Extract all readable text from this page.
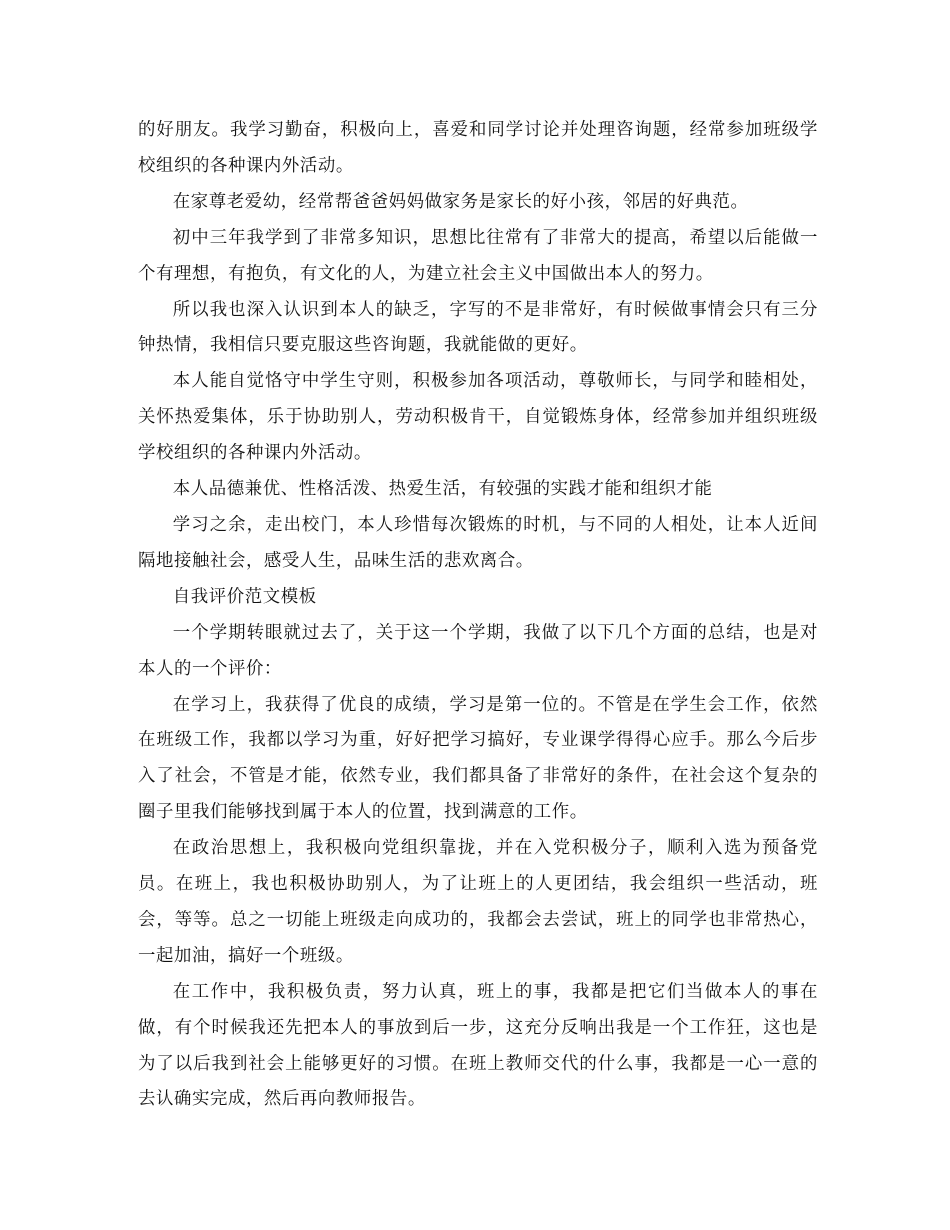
的好朋友。我学习勤奋，积极向上，喜爱和同学讨论并处理咨询题，经常参加班级学校组织的各种课内外活动。

在家尊老爱幼，经常帮爸爸妈妈做家务是家长的好小孩，邻居的好典范。

初中三年我学到了非常多知识，思想比往常有了非常大的提高，希望以后能做一个有理想，有抱负，有文化的人，为建立社会主义中国做出本人的努力。

所以我也深入认识到本人的缺乏，字写的不是非常好，有时候做事情会只有三分钟热情，我相信只要克服这些咨询题，我就能做的更好。

本人能自觉恪守中学生守则，积极参加各项活动，尊敬师长，与同学和睦相处，关怀热爱集体，乐于协助别人，劳动积极肯干，自觉锻炼身体，经常参加并组织班级学校组织的各种课内外活动。

本人品德兼优、性格活泼、热爱生活，有较强的实践才能和组织才能

学习之余，走出校门，本人珍惜每次锻炼的时机，与不同的人相处，让本人近间隔地接触社会，感受人生，品味生活的悲欢离合。

自我评价范文模板

一个学期转眼就过去了，关于这一个学期，我做了以下几个方面的总结，也是对本人的一个评价：

在学习上，我获得了优良的成绩，学习是第一位的。不管是在学生会工作，依然在班级工作，我都以学习为重，好好把学习搞好，专业课学得得心应手。那么今后步入了社会，不管是才能，依然专业，我们都具备了非常好的条件，在社会这个复杂的圈子里我们能够找到属于本人的位置，找到满意的工作。

在政治思想上，我积极向党组织靠拢，并在入党积极分子，顺利入选为预备党员。在班上，我也积极协助别人，为了让班上的人更团结，我会组织一些活动，班会，等等。总之一切能上班级走向成功的，我都会去尝试，班上的同学也非常热心，一起加油，搞好一个班级。

在工作中，我积极负责，努力认真，班上的事，我都是把它们当做本人的事在做，有个时候我还先把本人的事放到后一步，这充分反响出我是一个工作狂，这也是为了以后我到社会上能够更好的习惯。在班上教师交代的什么事，我都是一心一意的去认确实完成，然后再向教师报告。
